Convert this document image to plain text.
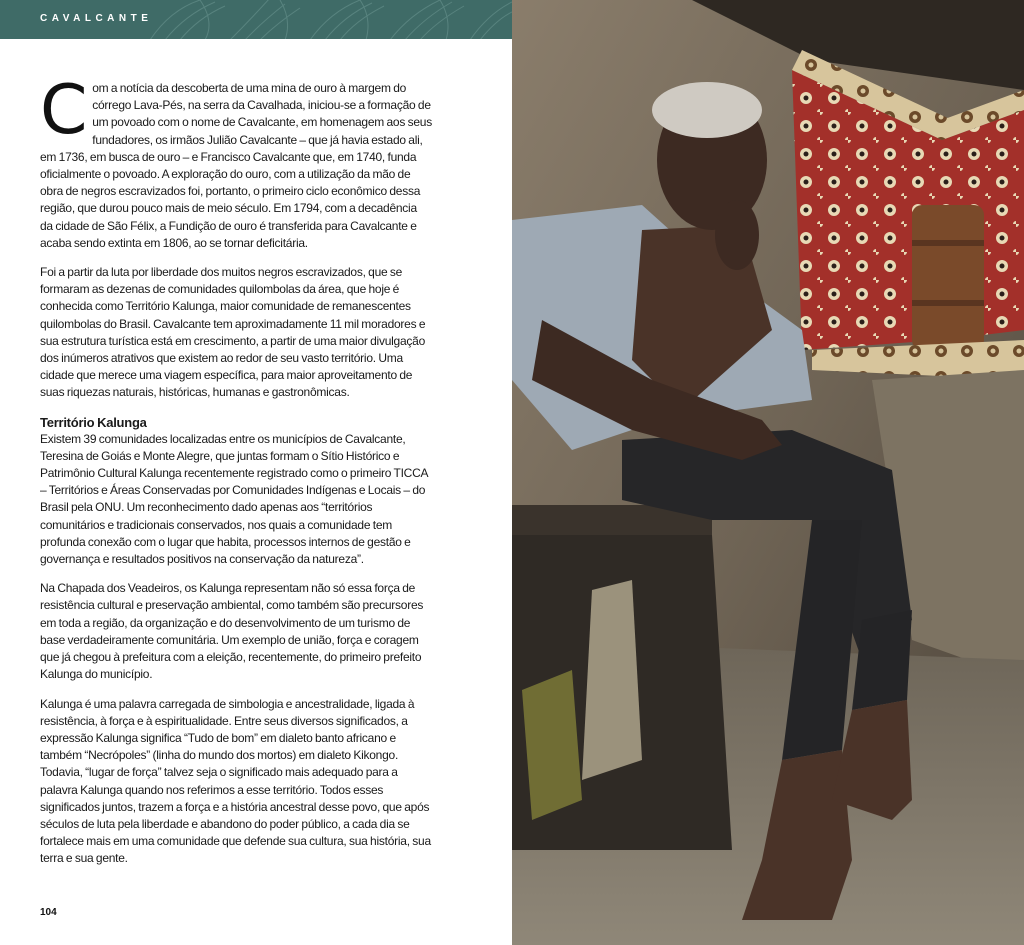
CAVALCANTE

Com a notícia da descoberta de uma mina de ouro à margem do córrego Lava-Pés, na serra da Cavalhada, iniciou-se a formação de um povoado com o nome de Cavalcante, em homenagem aos seus fundadores, os irmãos Julião Cavalcante – que já havia estado ali, em 1736, em busca de ouro – e Francisco Cavalcante que, em 1740, funda oficialmente o povoado. A exploração do ouro, com a utilização da mão de obra de negros escravizados foi, portanto, o primeiro ciclo econômico dessa região, que durou pouco mais de meio século. Em 1794, com a decadência da cidade de São Félix, a Fundição de ouro é transferida para Cavalcante e acaba sendo extinta em 1806, ao se tornar deficitária.

Foi a partir da luta por liberdade dos muitos negros escravizados, que se formaram as dezenas de comunidades quilombolas da área, que hoje é conhecida como Território Kalunga, maior comunidade de remanescentes quilombolas do Brasil. Cavalcante tem aproximadamente 11 mil moradores e sua estrutura turística está em crescimento, a partir de uma maior divulgação dos inúmeros atrativos que existem ao redor de seu vasto território. Uma cidade que merece uma viagem específica, para maior aproveitamento de suas riquezas naturais, históricas, humanas e gastronômicas.

Território Kalunga

Existem 39 comunidades localizadas entre os municípios de Cavalcante, Teresina de Goiás e Monte Alegre, que juntas formam o Sítio Histórico e Patrimônio Cultural Kalunga recentemente registrado como o primeiro TICCA – Territórios e Áreas Conservadas por Comunidades Indígenas e Locais – do Brasil pela ONU. Um reconhecimento dado apenas aos “territórios comunitários e tradicionais conservados, nos quais a comunidade tem profunda conexão com o lugar que habita, processos internos de gestão e governança e resultados positivos na conservação da natureza”.

Na Chapada dos Veadeiros, os Kalunga representam não só essa força de resistência cultural e preservação ambiental, como também são precursores em toda a região, da organização e do desenvolvimento de um turismo de base verdadeiramente comunitária. Um exemplo de união, força e coragem que já chegou à prefeitura com a eleição, recentemente, do primeiro prefeito Kalunga do município.

Kalunga é uma palavra carregada de simbologia e ancestralidade, ligada à resistência, à força e à espiritualidade. Entre seus diversos significados, a expressão Kalunga significa “Tudo de bom” em dialeto banto africano e também “Necrópoles” (linha do mundo dos mortos) em dialeto Kikongo. Todavia, “lugar de força” talvez seja o significado mais adequado para a palavra Kalunga quando nos referimos a esse território. Todos esses significados juntos, trazem a força e a história ancestral desse povo, que após séculos de luta pela liberdade e abandono do poder público, a cada dia se fortalece mais em uma comunidade que defende sua cultura, sua história, sua terra e sua gente.

104
